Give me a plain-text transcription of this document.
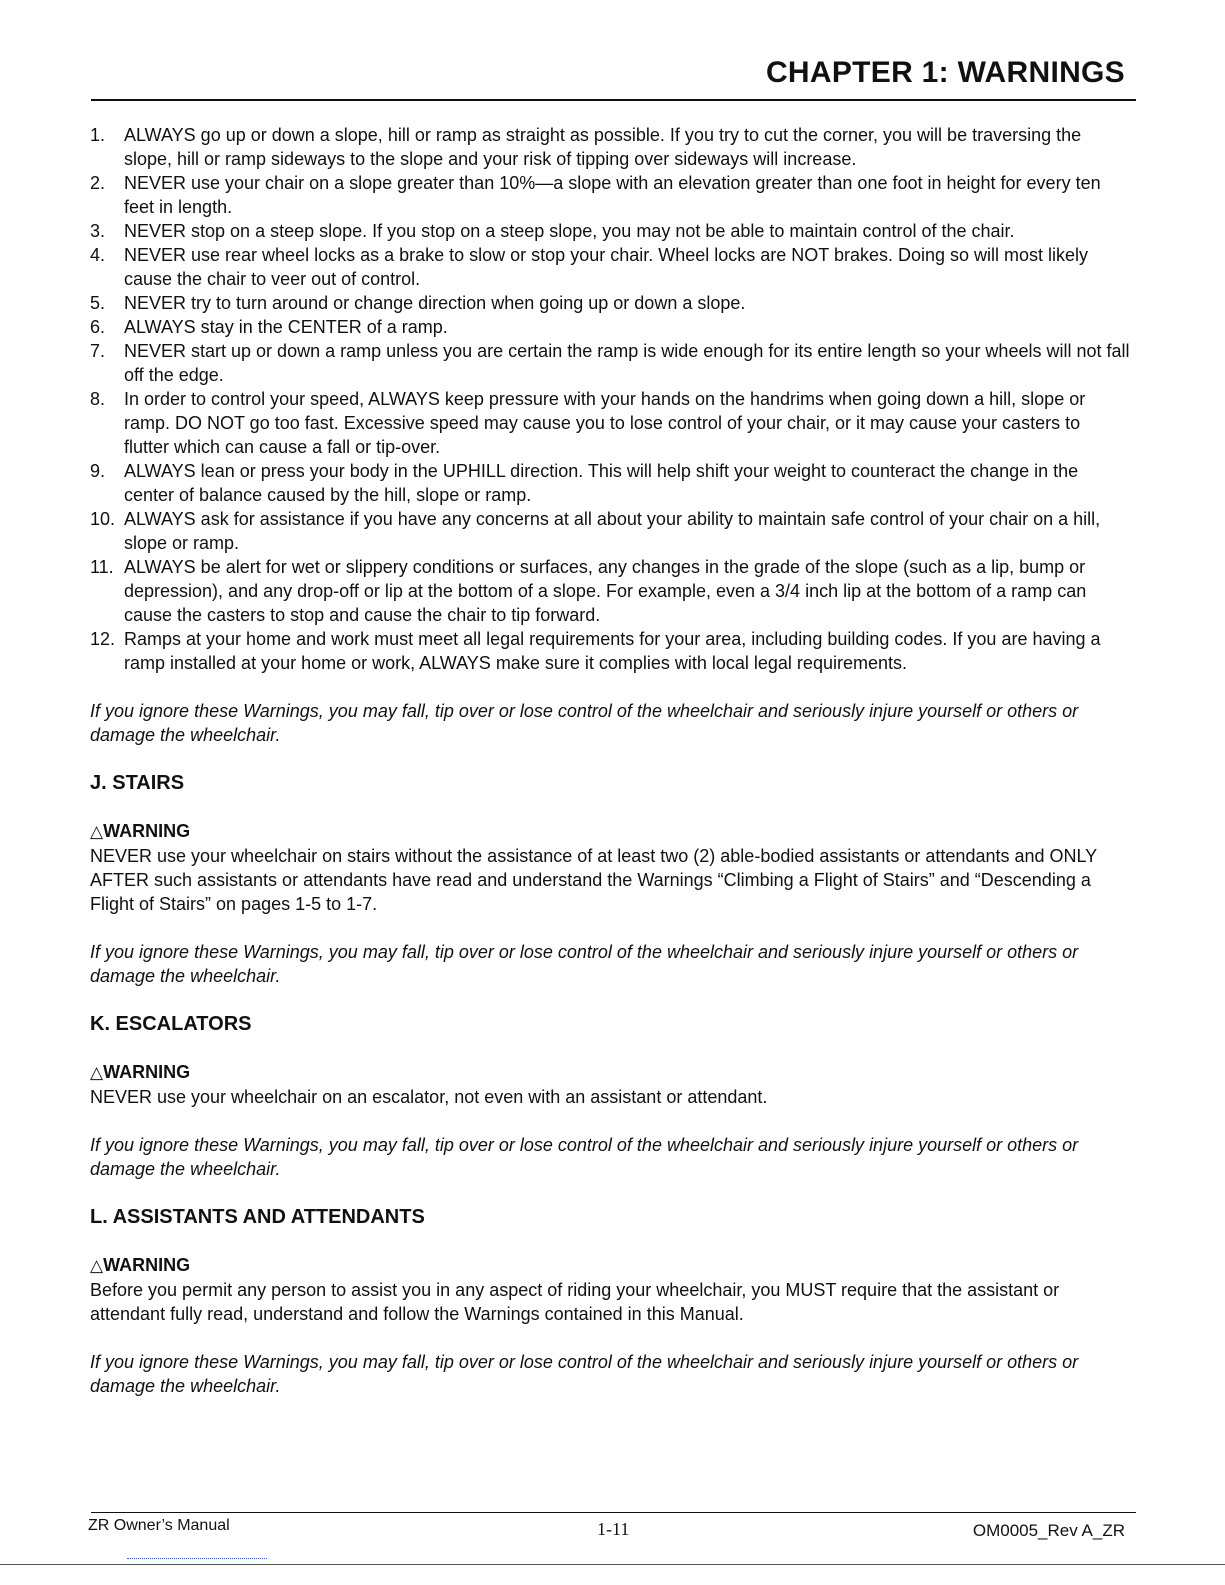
CHAPTER 1: WARNINGS
1. ALWAYS go up or down a slope, hill or ramp as straight as possible. If you try to cut the corner, you will be traversing the slope, hill or ramp sideways to the slope and your risk of tipping over sideways will increase.
2. NEVER use your chair on a slope greater than 10%—a slope with an elevation greater than one foot in height for every ten feet in length.
3. NEVER stop on a steep slope. If you stop on a steep slope, you may not be able to maintain control of the chair.
4. NEVER use rear wheel locks as a brake to slow or stop your chair. Wheel locks are NOT brakes. Doing so will most likely cause the chair to veer out of control.
5. NEVER try to turn around or change direction when going up or down a slope.
6. ALWAYS stay in the CENTER of a ramp.
7. NEVER start up or down a ramp unless you are certain the ramp is wide enough for its entire length so your wheels will not fall off the edge.
8. In order to control your speed, ALWAYS keep pressure with your hands on the handrims when going down a hill, slope or ramp. DO NOT go too fast. Excessive speed may cause you to lose control of your chair, or it may cause your casters to flutter which can cause a fall or tip-over.
9. ALWAYS lean or press your body in the UPHILL direction. This will help shift your weight to counteract the change in the center of balance caused by the hill, slope or ramp.
10. ALWAYS ask for assistance if you have any concerns at all about your ability to maintain safe control of your chair on a hill, slope or ramp.
11. ALWAYS be alert for wet or slippery conditions or surfaces, any changes in the grade of the slope (such as a lip, bump or depression), and any drop-off or lip at the bottom of a slope. For example, even a 3/4 inch lip at the bottom of a ramp can cause the casters to stop and cause the chair to tip forward.
12. Ramps at your home and work must meet all legal requirements for your area, including building codes. If you are having a ramp installed at your home or work, ALWAYS make sure it complies with local legal requirements.

If you ignore these Warnings, you may fall, tip over or lose control of the wheelchair and seriously injure yourself or others or damage the wheelchair.

J. STAIRS
△WARNING

NEVER use your wheelchair on stairs without the assistance of at least two (2) able-bodied assistants or attendants and ONLY AFTER such assistants or attendants have read and understand the Warnings “Climbing a Flight of Stairs” and “Descending a Flight of Stairs” on pages 1-5 to 1-7.

If you ignore these Warnings, you may fall, tip over or lose control of the wheelchair and seriously injure yourself or others or damage the wheelchair.

K. ESCALATORS
△WARNING

NEVER use your wheelchair on an escalator, not even with an assistant or attendant.

If you ignore these Warnings, you may fall, tip over or lose control of the wheelchair and seriously injure yourself or others or damage the wheelchair.

L. ASSISTANTS AND ATTENDANTS
△WARNING

Before you permit any person to assist you in any aspect of riding your wheelchair, you MUST require that the assistant or attendant fully read, understand and follow the Warnings contained in this Manual.

If you ignore these Warnings, you may fall, tip over or lose control of the wheelchair and seriously injure yourself or others or damage the wheelchair.

ZR Owner’s Manual	1-11	OM0005_Rev A_ZR
